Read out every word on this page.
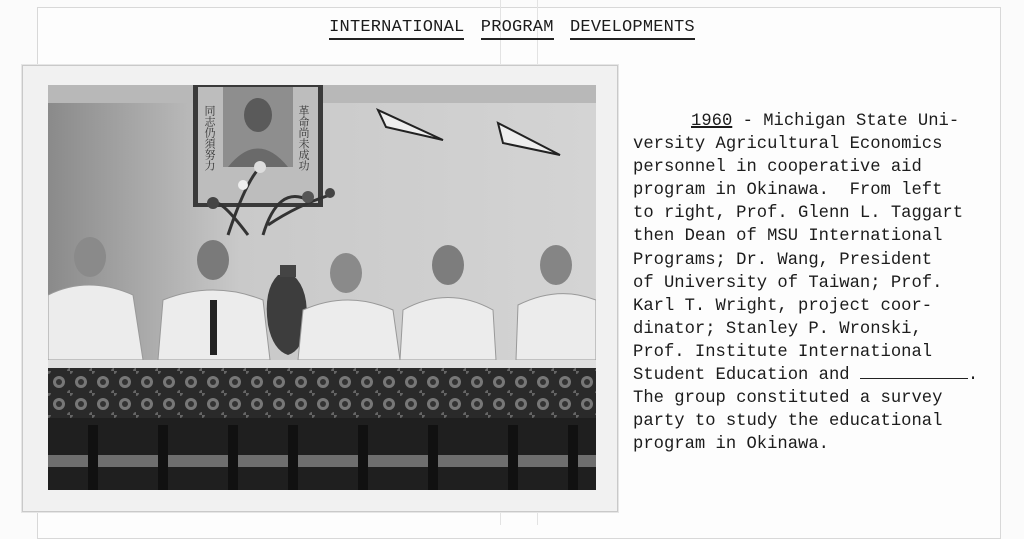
INTERNATIONAL PROGRAM DEVELOPMENTS
同志仍須努力	革命尚未成功	1960 - Michigan State Uni-
versity Agricultural Economics
personnel in cooperative aid
program in Okinawa.  From left
to right, Prof. Glenn L. Taggart
then Dean of MSU International
Programs; Dr. Wang, President
of University of Taiwan; Prof.
Karl T. Wright, project coor-
dinator; Stanley P. Wronski,
Prof. Institute International
Student Education and	.
The group constituted a survey
party to study the educational
program in Okinawa.
